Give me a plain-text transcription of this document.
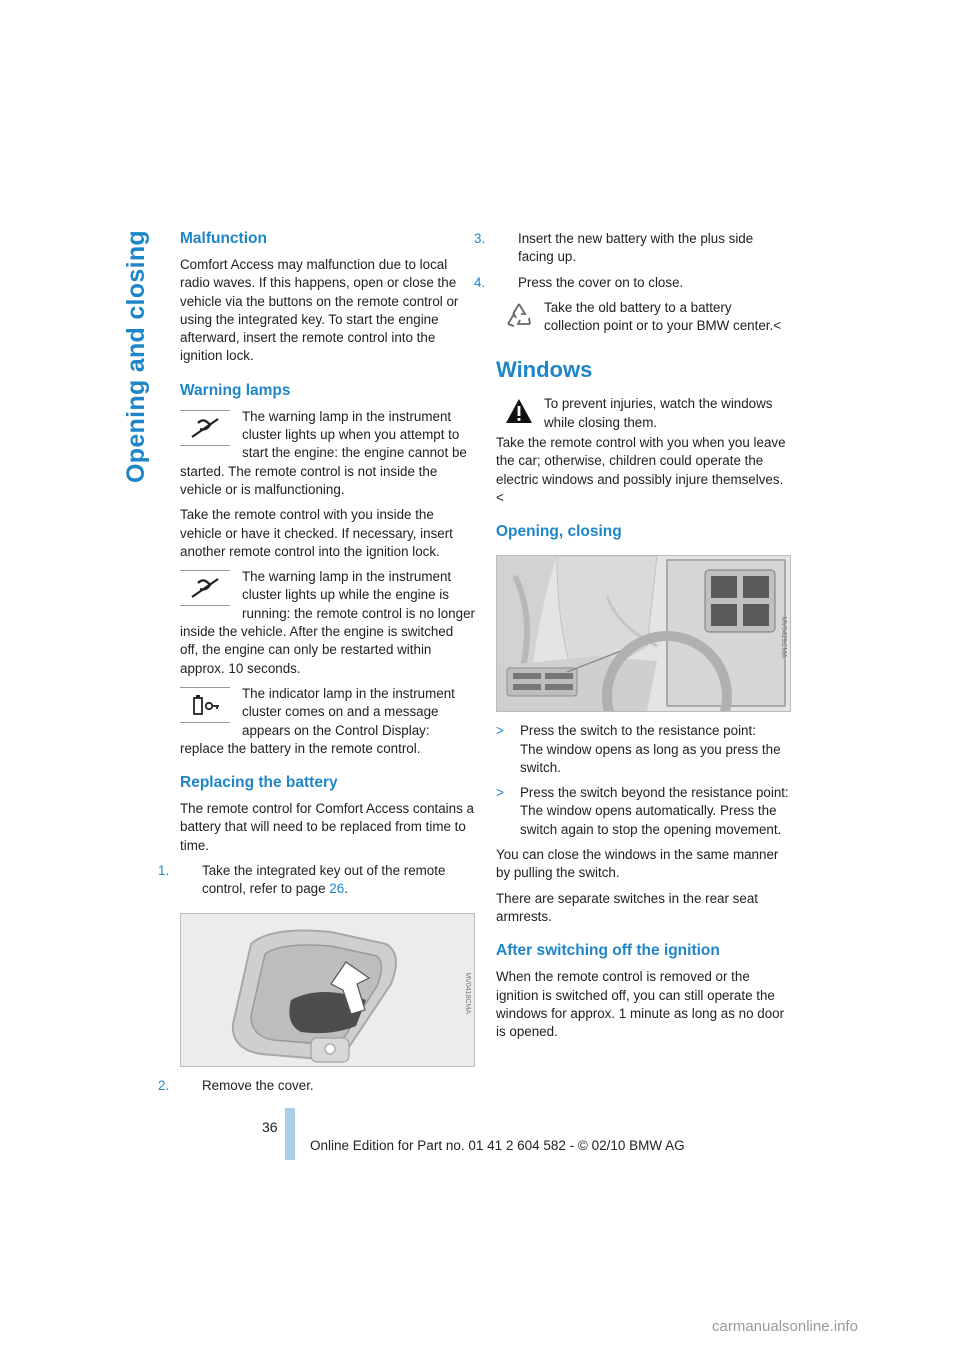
Opening and closing Malfunction

Comfort Access may malfunction due to local radio waves. If this happens, open or close the vehicle via the buttons on the remote control or using the integrated key. To start the engine afterward, insert the remote control into the ignition lock.

Warning lamps
The warning lamp in the instrument cluster lights up when you attempt to start the engine: the engine cannot be started. The remote control is not inside the vehicle or is malfunctioning.

Take the remote control with you inside the vehicle or have it checked. If necessary, insert another remote control into the ignition lock.

The warning lamp in the instrument cluster lights up while the engine is running: the remote control is no longer inside the vehicle. After the engine is switched off, the engine can only be restarted within approx. 10 seconds.
The indicator lamp in the instrument cluster comes on and a message appears on the Control Display: replace the battery in the remote control.
Replacing the battery

The remote control for Comfort Access contains a battery that will need to be replaced from time to time.

1. Take the integrated key out of the remote control, refer to page 26.
MV0418CMA
2. Remove the cover.
3. Insert the new battery with the plus side facing up.
4. Press the cover on to close.
Take the old battery to a battery collection point or to your BMW center.<
Windows
To prevent injuries, watch the windows while closing them.

Take the remote control with you when you leave the car; otherwise, children could operate the electric windows and possibly injure themselves.<

Opening, closing
MV0429CMA
> Press the switch to the resistance point:
The window opens as long as you press the switch.
> Press the switch beyond the resistance point:
The window opens automatically. Press the switch again to stop the opening movement.

You can close the windows in the same manner by pulling the switch.

There are separate switches in the rear seat armrests.

After switching off the ignition

When the remote control is removed or the ignition is switched off, you can still operate the windows for approx. 1 minute as long as no door is opened.

36
Online Edition for Part no. 01 41 2 604 582 - © 02/10 BMW AG
carmanualsonline.info
